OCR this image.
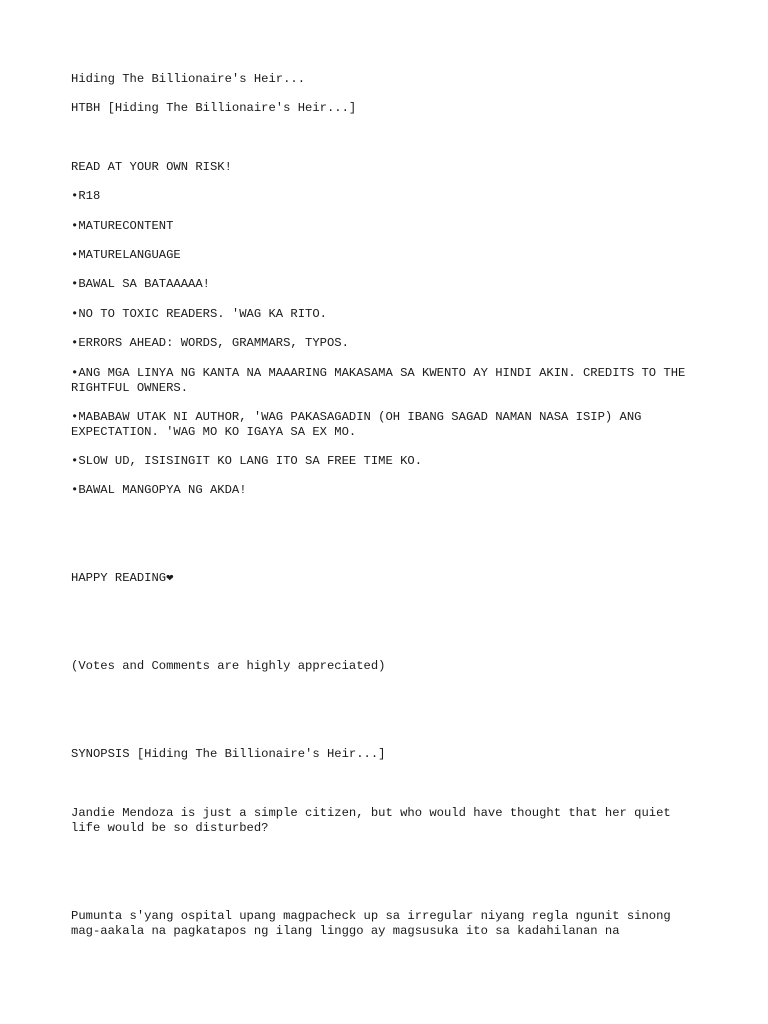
Hiding The Billionaire's Heir...

HTBH [Hiding The Billionaire's Heir...]

READ AT YOUR OWN RISK!

•R18

•MATURECONTENT

•MATURELANGUAGE

•BAWAL SA BATAAAAA!

•NO TO TOXIC READERS. 'WAG KA RITO.

•ERRORS AHEAD: WORDS, GRAMMARS, TYPOS.

•ANG MGA LINYA NG KANTA NA MAAARING MAKASAMA SA KWENTO AY HINDI AKIN. CREDITS TO THE RIGHTFUL OWNERS.

•MABABAW UTAK NI AUTHOR, 'WAG PAKASAGADIN (OH IBANG SAGAD NAMAN NASA ISIP) ANG EXPECTATION. 'WAG MO KO IGAYA SA EX MO.

•SLOW UD, ISISINGIT KO LANG ITO SA FREE TIME KO.

•BAWAL MANGOPYA NG AKDA!

HAPPY READING❤

(Votes and Comments are highly appreciated)

SYNOPSIS [Hiding The Billionaire's Heir...]

Jandie Mendoza is just a simple citizen, but who would have thought that her quiet life would be so disturbed?

Pumunta s'yang ospital upang magpacheck up sa irregular niyang regla ngunit sinong mag-aakala na pagkatapos ng ilang linggo ay magsusuka ito sa kadahilanan na
